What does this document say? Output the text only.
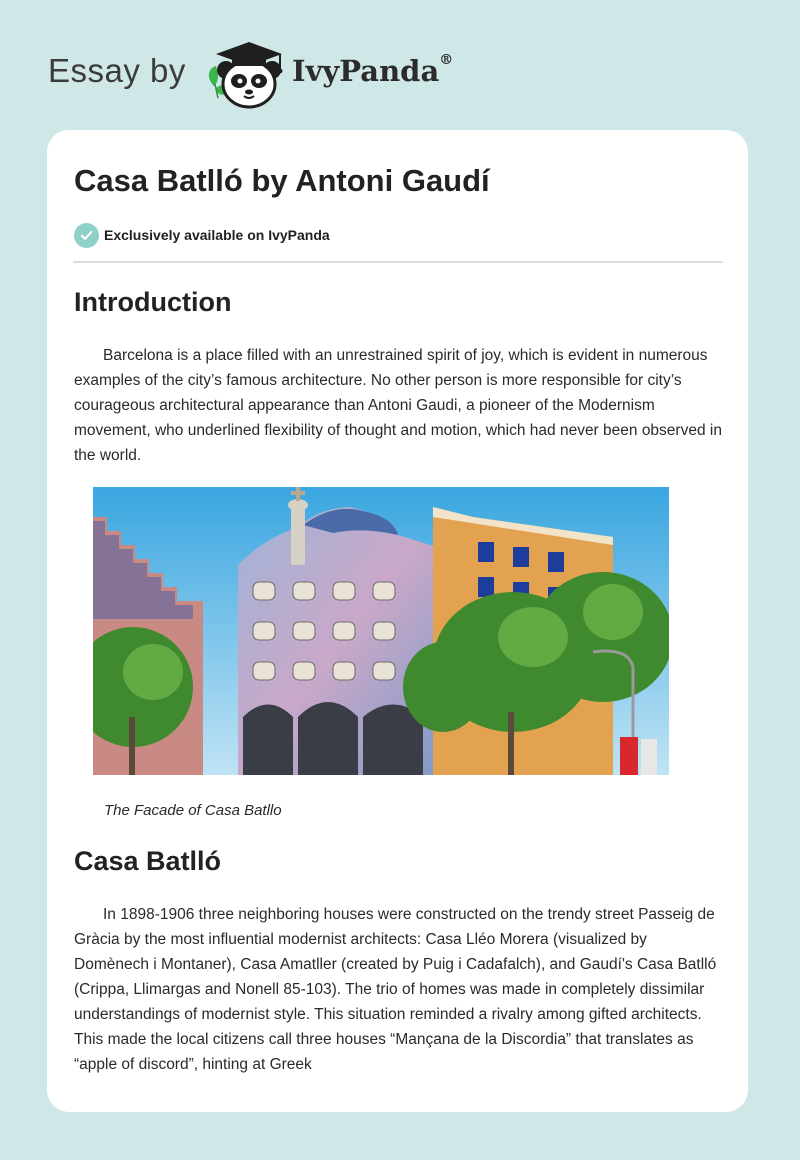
Essay by	IvyPanda®
Casa Batlló by Antoni Gaudí
Exclusively available on IvyPanda
Introduction

Barcelona is a place filled with an unrestrained spirit of joy, which is evident in numerous examples of the city’s famous architecture. No other person is more responsible for city’s courageous architectural appearance than Antoni Gaudi, a pioneer of the Modernism movement, who underlined flexibility of thought and motion, which had never been observed in the world.

The Facade of Casa Batllo
Casa Batlló

In 1898-1906 three neighboring houses were constructed on the trendy street Passeig de Gràcia by the most influential modernist architects: Casa Lléo Morera (visualized by Domènech i Montaner), Casa Amatller (created by Puig i Cadafalch), and Gaudí's Casa Batlló (Crippa, Llimargas and Nonell 85-103). The trio of homes was made in completely dissimilar understandings of modernist style. This situation reminded a rivalry among gifted architects. This made the local citizens call three houses “Mançana de la Discordia” that translates as “apple of discord”, hinting at Greek
